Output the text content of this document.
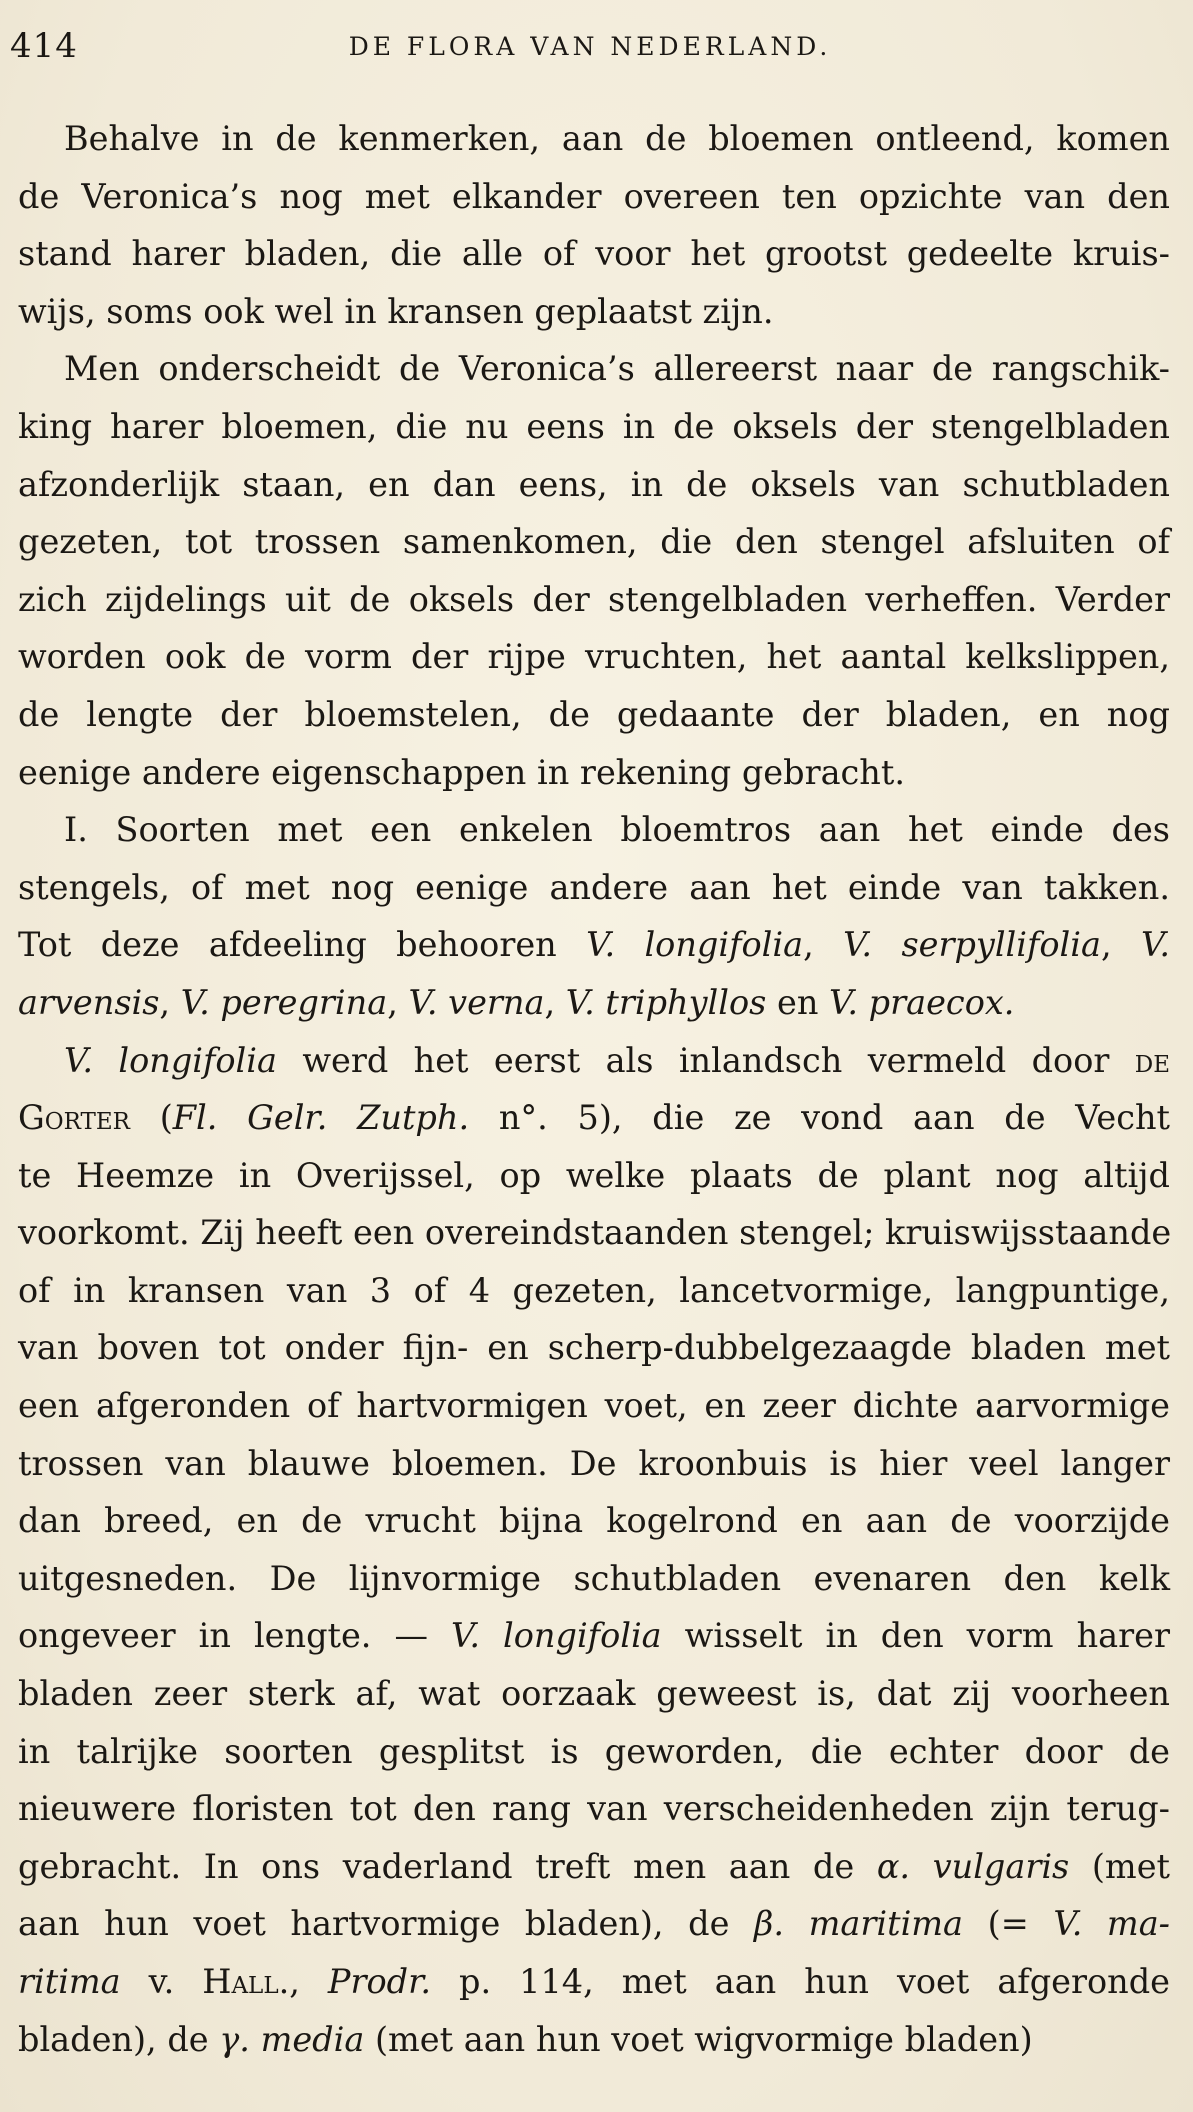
414	DE FLORA VAN NEDERLAND.
Behalve in de kenmerken, aan de bloemen ontleend, komen
de Veronica’s nog met elkander overeen ten opzichte van den
stand harer bladen, die alle of voor het grootst gedeelte kruis-
wijs, soms ook wel in kransen geplaatst zijn.
Men onderscheidt de Veronica’s allereerst naar de rangschik-
king harer bloemen, die nu eens in de oksels der stengelbladen
afzonderlijk staan, en dan eens, in de oksels van schutbladen
gezeten, tot trossen samenkomen, die den stengel afsluiten of
zich zijdelings uit de oksels der stengelbladen verheffen. Verder
worden ook de vorm der rijpe vruchten, het aantal kelkslippen,
de lengte der bloemstelen, de gedaante der bladen, en nog
eenige andere eigenschappen in rekening gebracht.
I. Soorten met een enkelen bloemtros aan het einde des
stengels, of met nog eenige andere aan het einde van takken.
Tot deze afdeeling behooren V. longifolia, V. serpyllifolia, V.
arvensis, V. peregrina, V. verna, V. triphyllos en V. praecox.
V. longifolia werd het eerst als inlandsch vermeld door de
Gorter (Fl. Gelr. Zutph. n°. 5), die ze vond aan de Vecht
te Heemze in Overijssel, op welke plaats de plant nog altijd
voorkomt. Zij heeft een overeindstaanden stengel; kruiswijsstaande
of in kransen van 3 of 4 gezeten, lancetvormige, langpuntige,
van boven tot onder fijn- en scherp-dubbelgezaagde bladen met
een afgeronden of hartvormigen voet, en zeer dichte aarvormige
trossen van blauwe bloemen. De kroonbuis is hier veel langer
dan breed, en de vrucht bijna kogelrond en aan de voorzijde
uitgesneden. De lijnvormige schutbladen evenaren den kelk
ongeveer in lengte. — V. longifolia wisselt in den vorm harer
bladen zeer sterk af, wat oorzaak geweest is, dat zij voorheen
in talrijke soorten gesplitst is geworden, die echter door de
nieuwere floristen tot den rang van verscheidenheden zijn terug-
gebracht. In ons vaderland treft men aan de α. vulgaris (met
aan hun voet hartvormige bladen), de β. maritima (= V. ma-
ritima v. Hall., Prodr. p. 114, met aan hun voet afgeronde
bladen), de γ. media (met aan hun voet wigvormige bladen)
